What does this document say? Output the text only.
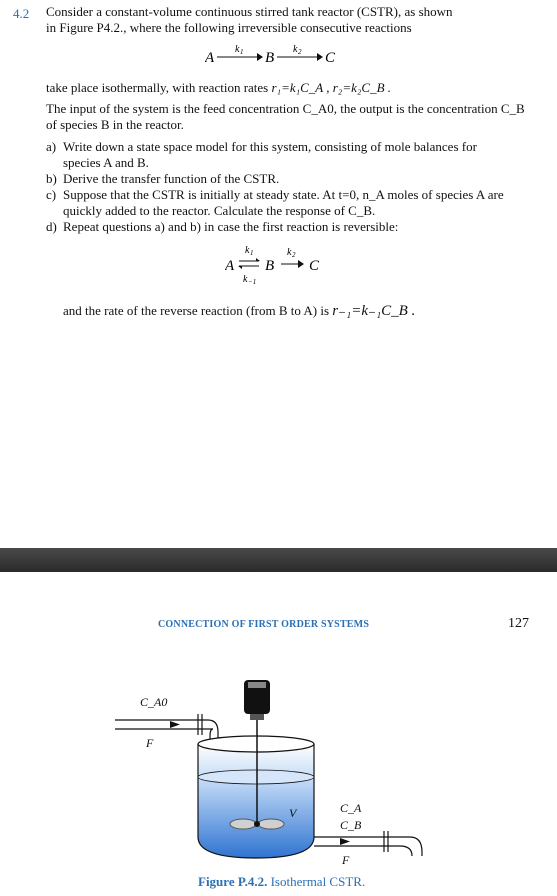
4.2 Consider a constant-volume continuous stirred tank reactor (CSTR), as shown
in Figure P4.2., where the following irreversible consecutive reactions
A
k 1 B
k 2 C
take place isothermally, with reaction rates r₁=k₁C_A , r₂=k₂C_B .
The input of the system is the feed concentration C_A0, the output is the concentration C_B
of species B in the reactor.
a) Write down a state space model for this system, consisting of mole balances for
species A and B.
b) Derive the transfer function of the CSTR.
c) Suppose that the CSTR is initially at steady state. At t=0, n_A moles of species A are
quickly added to the reactor. Calculate the response of C_B.
d) Repeat questions a) and b) in case the first reaction is reversible:
A
k 1
k −1
B
k 2
C
and the rate of the reverse reaction (from B to A) is r₋₁=k₋₁C_B .
CONNECTION OF FIRST ORDER SYSTEMS	127
C_A0
F
V	C_A
C_B
F
Figure P.4.2. Isothermal CSTR.
